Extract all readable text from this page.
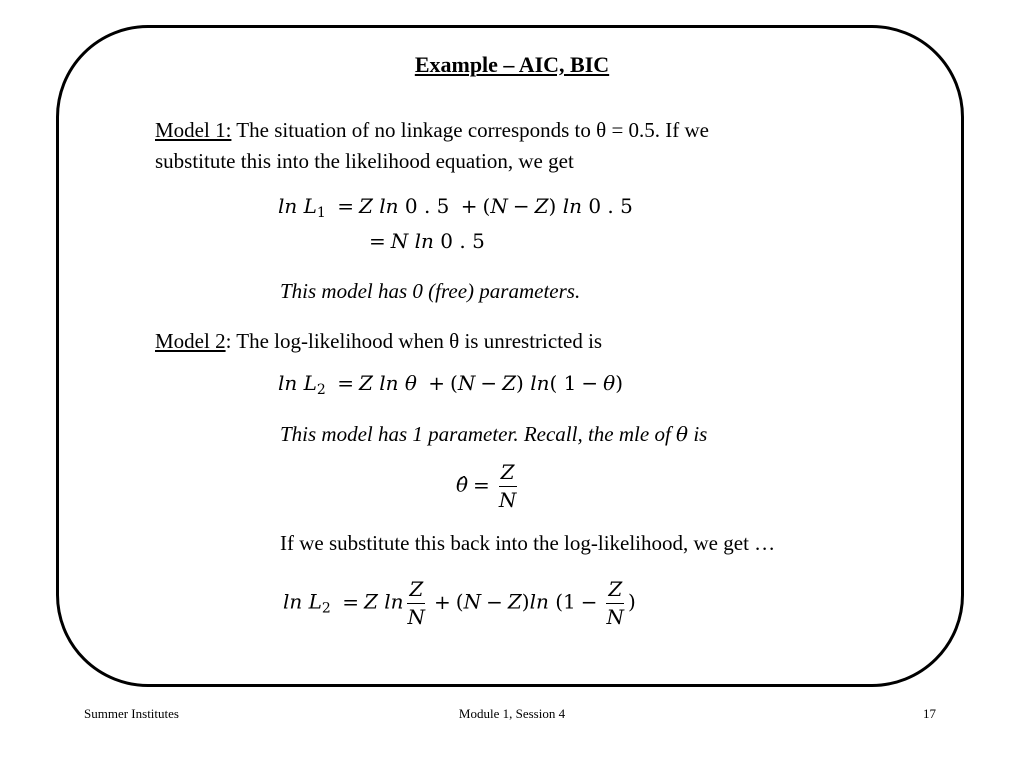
Example – AIC, BIC
Model 1: The situation of no linkage corresponds to θ = 0.5. If we
substitute this into the likelihood equation, we get
$\ln L_1 = Z$ ln 0 . 5 + (N − Z) ln 0 . 5
= N ln 0 . 5
This model has 0 (free) parameters.
Model 2: The log-likelihood when θ is unrestricted is
$\ln L_2 = Z$ ln θ + (N − Z) ln( 1 − θ)
This model has 1 parameter. Recall, the mle of θ is
θ̂ = $\frac{Z}{N}$
If we substitute this back into the log-likelihood, we get …
$\ln L_2 = Z$ $\ln \frac{Z}{N} + (N - Z)\ln$ ($1 - \frac{Z}{N}$ )
Summer Institutes	Module 1, Session 4	17
